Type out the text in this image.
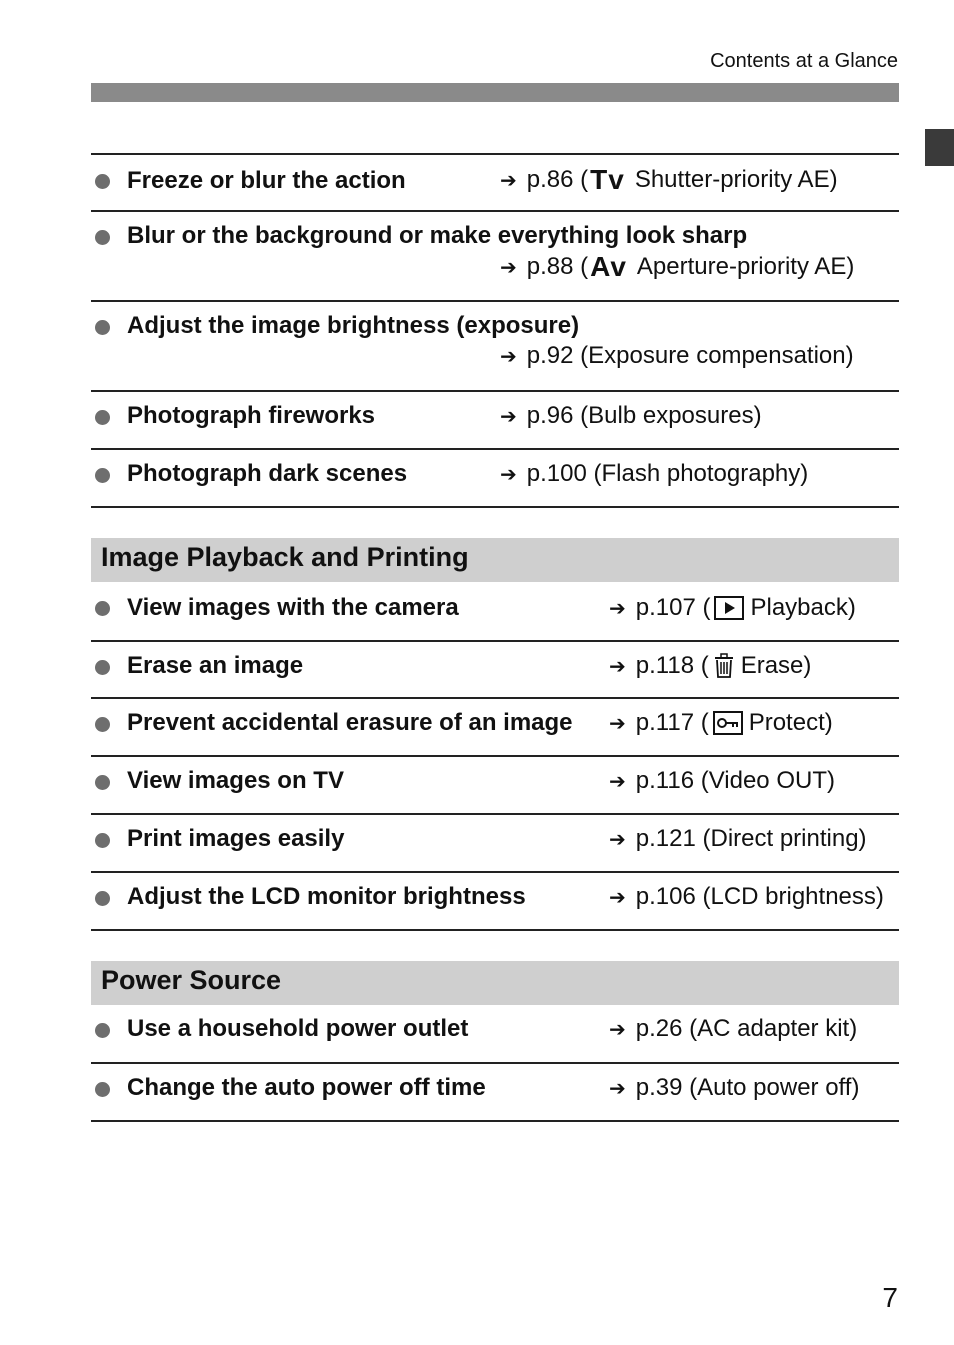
Contents at a Glance
Freeze or blur the action	➔ p.86 ( Tv Shutter-priority AE)
Blur or the background or make everything look sharp
➔ p.88 ( Av Aperture-priority AE)
Adjust the image brightness (exposure)
➔ p.92 (Exposure compensation)
Photograph fireworks	➔ p.96 (Bulb exposures)
Photograph dark scenes	➔ p.100 (Flash photography)
Image Playback and Printing
View images with the camera	➔ p.107 ( Playback)
Erase an image	➔ p.118 ( Erase)
Prevent accidental erasure of an image ➔ p.117 ( Protect)
View images on TV	➔ p.116 (Video OUT)
Print images easily	➔ p.121 (Direct printing)
Adjust the LCD monitor brightness	➔ p.106 (LCD brightness)
Power Source
Use a household power outlet	➔ p.26 (AC adapter kit)
Change the auto power off time	➔ p.39 (Auto power off)
7
